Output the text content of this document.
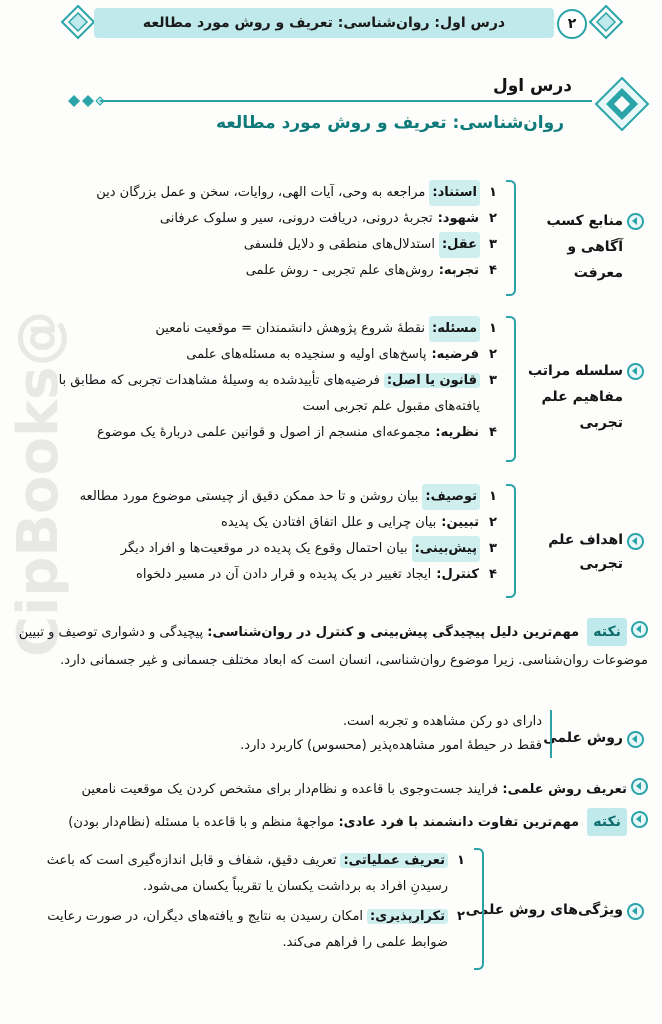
@CipBooks
درس اول: روان‌شناسی: تعریف و روش مورد مطالعه	۲
درس اول
روان‌شناسی: تعریف و روش مورد مطالعه
منابع کسب آگاهی و معرفت
۱
استناد:
مراجعه به وحی، آیات الهی، روایات، سخن و عمل بزرگان دین
۲
شهود:
تجربهٔ درونی، دریافت درونی، سیر و سلوک عرفانی
۳
عقل:
استدلال‌های منطقی و دلایل فلسفی
۴
تجربه:
روش‌های علم تجربی - روش علمی
سلسله مراتب مفاهیم علم تجربی
۱
مسئله:
نقطهٔ شروع پژوهش دانشمندان = موقعیت نامعین
۲
فرضیه:
پاسخ‌های اولیه و سنجیده به مسئله‌های علمی
۳
قانون یا اصل:فرضیه‌های تأییدشده به وسیلهٔ مشاهدات تجربی که مطابق با یافته‌های مقبول علم تجربی است
۴
نظریه:
مجموعه‌ای منسجم از اصول و قوانین علمی دربارهٔ یک موضوع
اهداف علم تجربی
۱
توصیف:
بیان روشن و تا حد ممکن دقیق از چیستی موضوع مورد مطالعه
۲
تبیین:
بیان چرایی و علل اتفاق افتادن یک پدیده
۳
پیش‌بینی:
بیان احتمال وقوع یک پدیده در موقعیت‌ها و افراد دیگر
۴
کنترل:
ایجاد تغییر در یک پدیده و قرار دادن آن در مسیر دلخواه
نکته مهم‌ترین دلیل پیچیدگی پیش‌بینی و کنترل در روان‌شناسی: پیچیدگی و دشواری توصیف و تبیین موضوعات روان‌شناسی. زیرا موضوع روان‌شناسی، انسان است که ابعاد مختلف جسمانی و غیر جسمانی دارد.
روش علمی
دارای دو رکن مشاهده و تجربه است.
فقط در حیطهٔ امور مشاهده‌پذیر (محسوس) کاربرد دارد.
تعریف روش علمی: فرایند جست‌وجوی با قاعده و نظام‌دار برای مشخص کردن یک موقعیت نامعین
نکته مهم‌ترین تفاوت دانشمند با فرد عادی: مواجههٔ منظم و با قاعده با مسئله (نظام‌دار بودن)
ویژگی‌های روش علمی
۱
تعریف عملیاتی:تعریف دقیق، شفاف و قابل اندازه‌گیری است که باعث رسیدنِ افراد به برداشت یکسان یا تقریباً یکسان می‌شود.
۲
تکرارپذیری:امکان رسیدن به نتایج و یافته‌های دیگران، در صورت رعایت ضوابط علمی را فراهم می‌کند.
